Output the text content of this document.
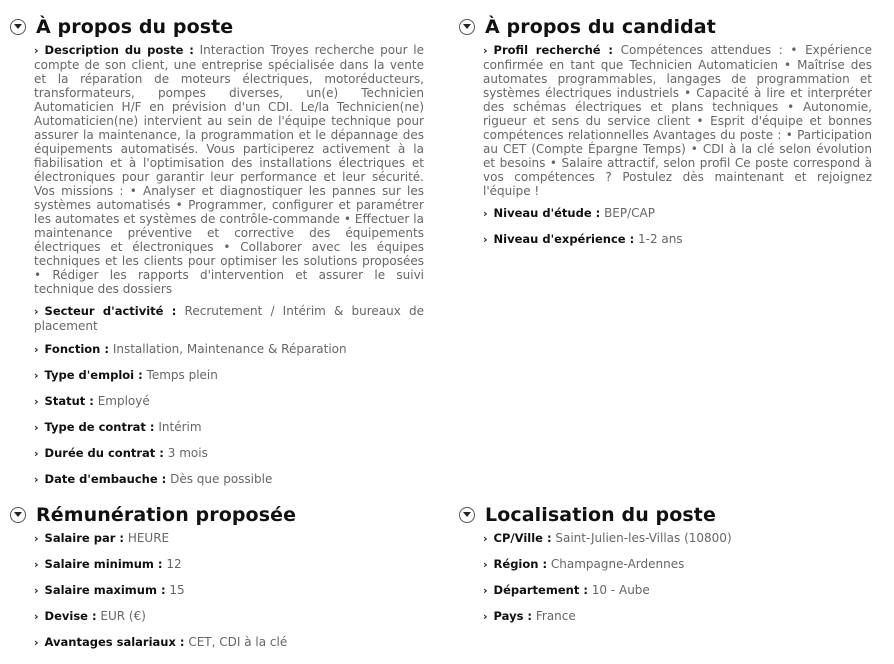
À propos du poste
› Description du poste : Interaction Troyes recherche pour le compte de son client, une entreprise spécialisée dans la vente et la réparation de moteurs électriques, motoréducteurs, transformateurs, pompes diverses, un(e) Technicien Automaticien H/F en prévision d'un CDI. Le/la Technicien(ne) Automaticien(ne) intervient au sein de l'équipe technique pour assurer la maintenance, la programmation et le dépannage des équipements automatisés. Vous participerez activement à la fiabilisation et à l'optimisation des installations électriques et électroniques pour garantir leur performance et leur sécurité. Vos missions : • Analyser et diagnostiquer les pannes sur les systèmes automatisés • Programmer, configurer et paramétrer les automates et systèmes de contrôle-commande • Effectuer la maintenance préventive et corrective des équipements électriques et électroniques • Collaborer avec les équipes techniques et les clients pour optimiser les solutions proposées • Rédiger les rapports d'intervention et assurer le suivi technique des dossiers
› Secteur d'activité : Recrutement / Intérim & bureaux de placement
› Fonction : Installation, Maintenance & Réparation
› Type d'emploi : Temps plein
› Statut : Employé
› Type de contrat : Intérim
› Durée du contrat : 3 mois
› Date d'embauche : Dès que possible
À propos du candidat
› Profil recherché : Compétences attendues : • Expérience confirmée en tant que Technicien Automaticien • Maîtrise des automates programmables, langages de programmation et systèmes électriques industriels • Capacité à lire et interpréter des schémas électriques et plans techniques • Autonomie, rigueur et sens du service client • Esprit d'équipe et bonnes compétences relationnelles Avantages du poste : • Participation au CET (Compte Épargne Temps) • CDI à la clé selon évolution et besoins • Salaire attractif, selon profil Ce poste correspond à vos compétences ? Postulez dès maintenant et rejoignez l'équipe !
› Niveau d'étude : BEP/CAP
› Niveau d'expérience : 1-2 ans
Rémunération proposée
› Salaire par : HEURE
› Salaire minimum : 12
› Salaire maximum : 15
› Devise : EUR (€)
› Avantages salariaux : CET, CDI à la clé
Localisation du poste
› CP/Ville : Saint-Julien-les-Villas (10800)
› Région : Champagne-Ardennes
› Département : 10 - Aube
› Pays : France
